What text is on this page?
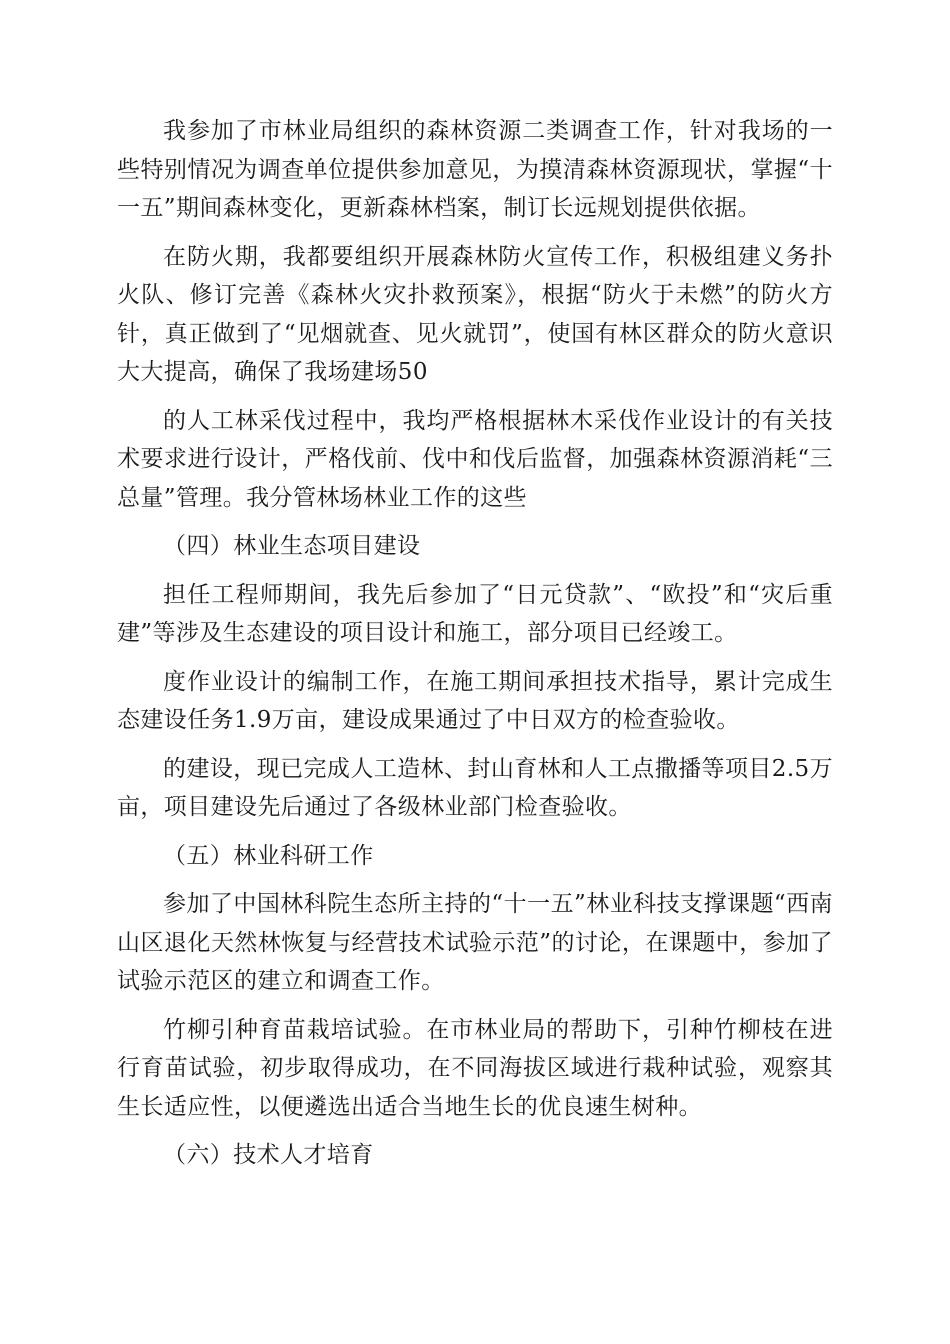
我参加了市林业局组织的森林资源二类调查工作，针对我场的一些特别情况为调查单位提供参加意见，为摸清森林资源现状，掌握“十一五”期间森林变化，更新森林档案，制订长远规划提供依据。

在防火期，我都要组织开展森林防火宣传工作，积极组建义务扑火队、修订完善《森林火灾扑救预案》，根据“防火于未燃”的防火方针，真正做到了“见烟就查、见火就罚”，使国有林区群众的防火意识大大提高，确保了我场建场50

的人工林采伐过程中，我均严格根据林木采伐作业设计的有关技术要求进行设计，严格伐前、伐中和伐后监督，加强森林资源消耗“三总量”管理。我分管林场林业工作的这些

（四）林业生态项目建设

担任工程师期间，我先后参加了“日元贷款”、“欧投”和“灾后重建”等涉及生态建设的项目设计和施工，部分项目已经竣工。

度作业设计的编制工作，在施工期间承担技术指导，累计完成生态建设任务1.9万亩，建设成果通过了中日双方的检查验收。

的建设，现已完成人工造林、封山育林和人工点撒播等项目2.5万亩，项目建设先后通过了各级林业部门检查验收。

（五）林业科研工作

参加了中国林科院生态所主持的“十一五”林业科技支撑课题“西南山区退化天然林恢复与经营技术试验示范”的讨论，在课题中，参加了试验示范区的建立和调查工作。

竹柳引种育苗栽培试验。在市林业局的帮助下，引种竹柳枝在进行育苗试验，初步取得成功，在不同海拔区域进行栽种试验，观察其生长适应性，以便遴选出适合当地生长的优良速生树种。

（六）技术人才培育
